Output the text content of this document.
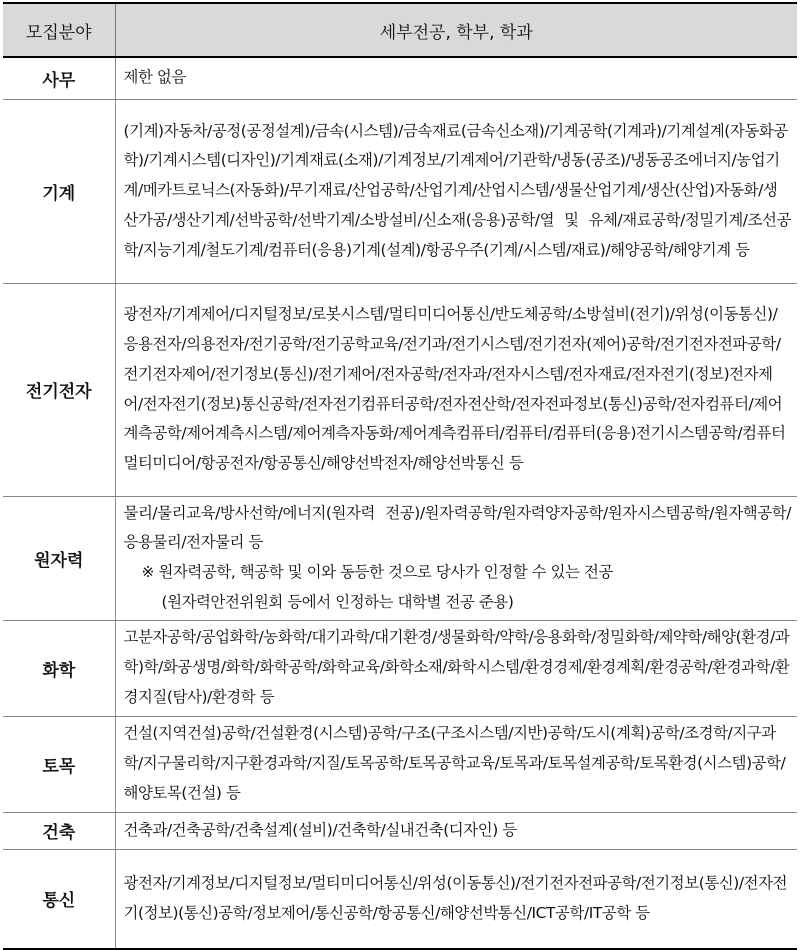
모집분야	세부전공, 학부, 학과
사무	제한 없음
기계	(기계)자동차/공정(공정설계)/금속(시스템)/금속재료(금속신소재)/기계공학(기계과)/기계설계(자동화공학)/기계시스템(디자인)/기계재료(소재)/기계정보/기계제어/기관학/냉동(공조)/냉동공조에너지/농업기계/메카트로닉스(자동화)/무기재료/산업공학/산업기계/산업시스템/생물산업기계/생산(산업)자동화/생산가공/생산기계/선박공학/선박기계/소방설비/신소재(응용)공학/열 및 유체/재료공학/정밀기계/조선공학/지능기계/철도기계/컴퓨터(응용)기계(설계)/항공우주(기계/시스템/재료)/해양공학/해양기계 등
전기전자	광전자/기계제어/디지털정보/로봇시스템/멀티미디어통신/반도체공학/소방설비(전기)/위성(이동통신)/응용전자/의용전자/전기공학/전기공학교육/전기과/전기시스템/전기전자(제어)공학/전기전자전파공학/전기전자제어/전기정보(통신)/전기제어/전자공학/전자과/전자시스템/전자재료/전자전기(정보)전자제어/전자전기(정보)통신공학/전자전기컴퓨터공학/전자전산학/전자전파정보(통신)공학/전자컴퓨터/제어계측공학/제어계측시스템/제어계측자동화/제어계측컴퓨터/컴퓨터/컴퓨터(응용)전기시스템공학/컴퓨터멀티미디어/항공전자/항공통신/해양선박전자/해양선박통신 등
원자력	물리/물리교육/방사선학/에너지(원자력 전공)/원자력공학/원자력양자공학/원자시스템공학/원자핵공학/응용물리/전자물리 등
※ 원자력공학, 핵공학 및 이와 동등한 것으로 당사가 인정할 수 있는 전공
(원자력안전위원회 등에서 인정하는 대학별 전공 준용)

화학	고분자공학/공업화학/농화학/대기과학/대기환경/생물화학/약학/응용화학/정밀화학/제약학/해양(환경/과학)학/화공생명/화학/화학공학/화학교육/화학소재/화학시스템/환경경제/환경계획/환경공학/환경과학/환경지질(탐사)/환경학 등
토목	건설(지역건설)공학/건설환경(시스템)공학/구조(구조시스템/지반)공학/도시(계획)공학/조경학/지구과학/지구물리학/지구환경과학/지질/토목공학/토목공학교육/토목과/토목설계공학/토목환경(시스템)공학/해양토목(건설) 등
건축	건축과/건축공학/건축설계(설비)/건축학/실내건축(디자인) 등
통신	광전자/기계정보/디지털정보/멀티미디어통신/위성(이동통신)/전기전자전파공학/전기정보(통신)/전자전기(정보)(통신)공학/정보제어/통신공학/항공통신/해양선박통신/ICT공학/IT공학 등
